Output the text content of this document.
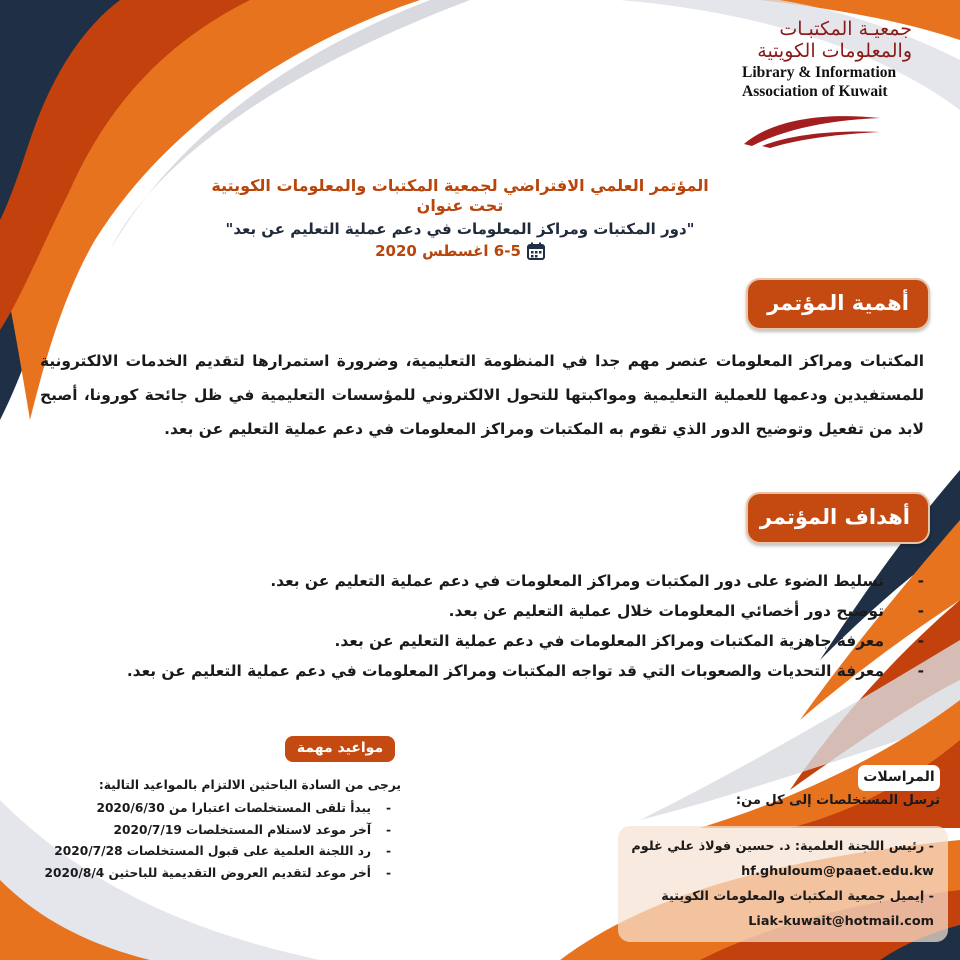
جمعيـة المكتبـات
والمعلومات الكويتية
Library & Information
Association of Kuwait
المؤتمر العلمي الافتراضي لجمعية المكتبات والمعلومات الكويتية
تحت عنوان
"دور المكتبات ومراكز المعلومات في دعم عملية التعليم عن بعد"
6-5 اغسطس 2020
أهمية المؤتمر
المكتبات ومراكز المعلومات عنصر مهم جدا في المنظومة التعليمية، وضرورة استمرارها لتقديم الخدمات الالكترونية للمستفيدين ودعمها للعملية التعليمية ومواكبتها للتحول الالكتروني للمؤسسات التعليمية في ظل جائحة كورونا، أصبح لابد من تفعيل وتوضيح الدور الذي تقوم به المكتبات ومراكز المعلومات في دعم عملية التعليم عن بعد.
أهداف المؤتمر
-
تسليط الضوء على دور المكتبات ومراكز المعلومات في دعم عملية التعليم عن بعد.
-
توضيح دور أخصائي المعلومات خلال عملية التعليم عن بعد.
-
معرفة جاهزية المكتبات ومراكز المعلومات في دعم عملية التعليم عن بعد.
-
معرفة التحديات والصعوبات التي قد تواجه المكتبات ومراكز المعلومات في دعم عملية التعليم عن بعد.
مواعيد مهمة
يرجى من السادة الباحثين الالتزام بالمواعيد التالية:
-
يبدأ تلقى المستخلصات اعتبارا من 2020/6/30
-
آخر موعد لاستلام المستخلصات 2020/7/19
-
رد اللجنة العلمية على قبول المستخلصات 2020/7/28
-
أخر موعد لتقديم العروض التقديمية للباحثين 2020/8/4
المراسلات
ترسل المستخلصات إلى كل من:
- رئيس اللجنة العلمية: د. حسين فولاذ علي غلوم
hf.ghuloum@paaet.edu.kw
- إيميل جمعية المكتبات والمعلومات الكويتية
Liak-kuwait@hotmail.com
